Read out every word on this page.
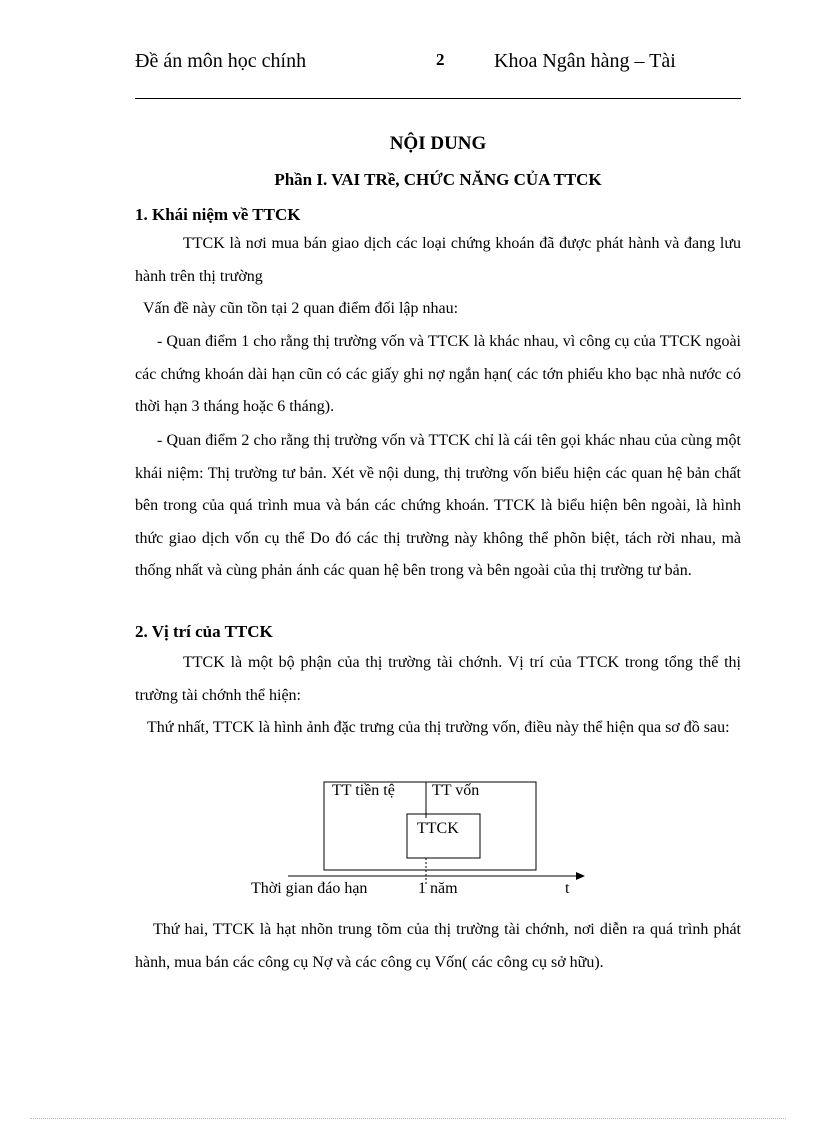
Đề án môn học chính	2 Khoa Ngân hàng – Tài
NỘI DUNG
Phần I. VAI TRề, CHỨC NĂNG CỦA TTCK
1. Khái niệm về TTCK

TTCK là nơi mua bán giao dịch các loại chứng khoán đã được phát hành và đang lưu hành trên thị trường

Vấn đề này cũn tồn tại 2 quan điểm đối lập nhau:

- Quan điểm 1 cho rằng thị trường vốn và TTCK là khác nhau, vì công cụ của TTCK ngoài các chứng khoán dài hạn cũn có các giấy ghi nợ ngắn hạn( các tớn phiếu kho bạc nhà nước có thời hạn 3 tháng hoặc 6 tháng).

- Quan điểm 2 cho rằng thị trường vốn và TTCK chỉ là cái tên gọi khác nhau của cùng một khái niệm: Thị trường tư bản. Xét về nội dung, thị trường vốn biểu hiện các quan hệ bản chất bên trong của quá trình mua và bán các chứng khoán. TTCK là biểu hiện bên ngoài, là hình thức giao dịch vốn cụ thể Do đó các thị trường này không thể phõn biệt, tách rời nhau, mà thống nhất và cùng phản ánh các quan hệ bên trong và bên ngoài của thị trường tư bản.

2. Vị trí của TTCK

TTCK là một bộ phận của thị trường tài chớnh. Vị trí của TTCK trong tổng thể thị trường tài chớnh thể hiện:

Thứ nhất, TTCK là hình ảnh đặc trưng của thị trường vốn, điều này thể hiện qua sơ đồ sau:

TT tiền tệ TT vốn
TTCK
Thời gian đáo hạn	1 năm	t

Thứ hai, TTCK là hạt nhõn trung tõm của thị trường tài chớnh, nơi diễn ra quá trình phát hành, mua bán các công cụ Nợ và các công cụ Vốn( các công cụ sở hữu).
